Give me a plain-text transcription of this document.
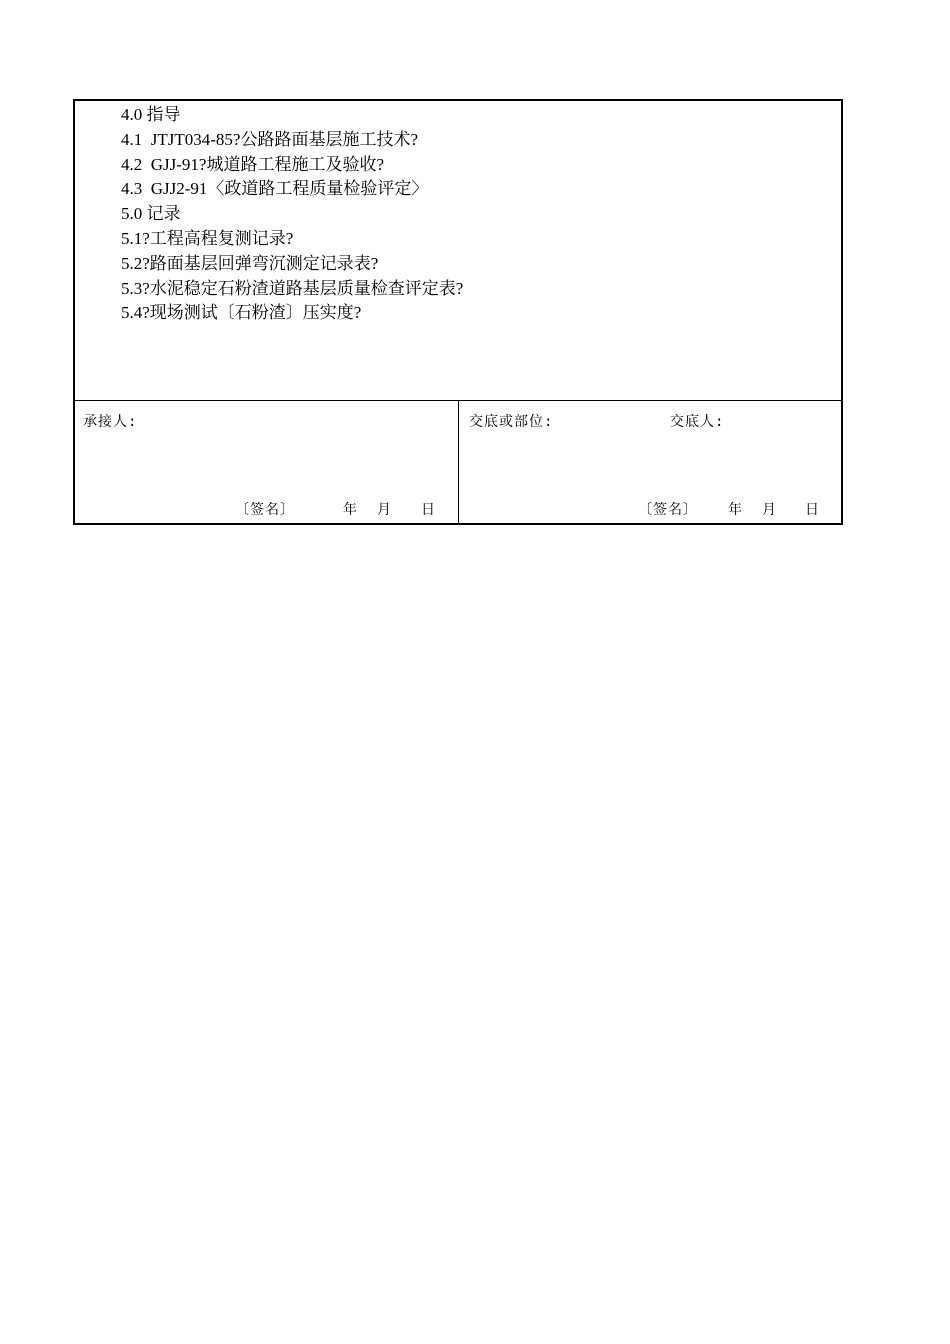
4.0 指导
4.1  JTJT034-85?公路路面基层施工技术?
4.2  GJJ-91?城道路工程施工及验收?
4.3  GJJ2-91〈政道路工程质量检验评定〉
5.0 记录
5.1?工程高程复测记录?
5.2?路面基层回弹弯沉测定记录表?
5.3?水泥稳定石粉渣道路基层质量检查评定表?
5.4?现场测试〔石粉渣〕压实度?
承接人:
〔签名〕	年 月 日
交底或部位:	交底人:
〔签名〕 年 月 日
